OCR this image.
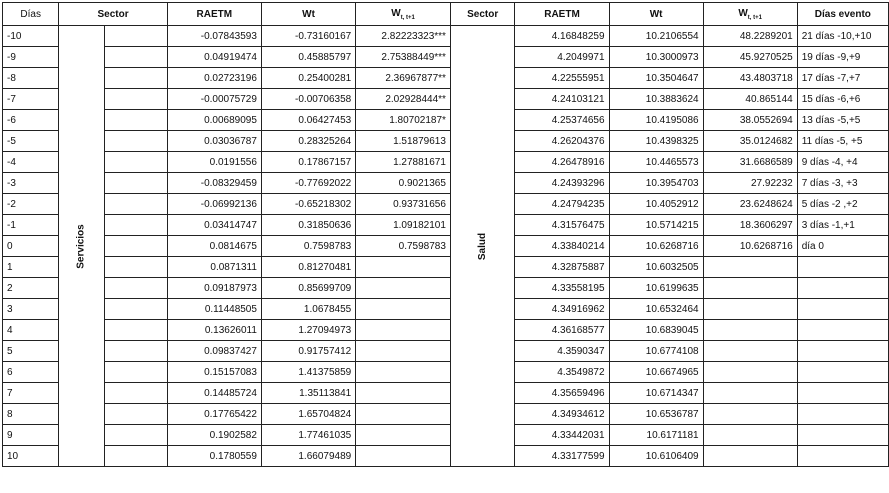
Días	Sector		RAETM	Wt	$W_{t, t+1}$	Sector	RAETM	Wt	$W_{t, t+1}$	Días evento
-10	Servicios		-0.07843593	-0.73160167	2.82223323***	Salud	4.16848259	10.2106554	48.2289201	21 días -10,+10
-9			0.04919474	0.45885797	2.75388449***		4.2049971	10.3000973	45.9270525	19 días -9,+9
-8			0.02723196	0.25400281	2.36967877**		4.22555951	10.3504647	43.4803718	17 días -7,+7
-7			-0.00075729	-0.00706358	2.02928444**		4.24103121	10.3883624	40.865144	15 días -6,+6
-6			0.00689095	0.06427453	1.80702187*		4.25374656	10.4195086	38.0552694	13 días -5,+5
-5			0.03036787	0.28325264	1.51879613		4.26204376	10.4398325	35.0124682	11 días -5, +5
-4			0.0191556	0.17867157	1.27881671		4.26478916	10.4465573	31.6686589	9 días -4, +4
-3			-0.08329459	-0.77692022	0.9021365		4.24393296	10.3954703	27.92232	7 días -3, +3
-2			-0.06992136	-0.65218302	0.93731656		4.24794235	10.4052912	23.6248624	5 días -2 ,+2
-1			0.03414747	0.31850636	1.09182101		4.31576475	10.5714215	18.3606297	3 días -1,+1
0			0.0814675	0.7598783	0.7598783		4.33840214	10.6268716	10.6268716	día 0
1			0.0871311	0.81270481			4.32875887	10.6032505		
2			0.09187973	0.85699709			4.33558195	10.6199635		
3			0.11448505	1.0678455			4.34916962	10.6532464		
4			0.13626011	1.27094973			4.36168577	10.6839045		
5			0.09837427	0.91757412			4.3590347	10.6774108		
6			0.15157083	1.41375859			4.3549872	10.6674965		
7			0.14485724	1.35113841			4.35659496	10.6714347		
8			0.17765422	1.65704824			4.34934612	10.6536787		
9			0.1902582	1.77461035			4.33442031	10.6171181		
10			0.1780559	1.66079489			4.33177599	10.6106409		
